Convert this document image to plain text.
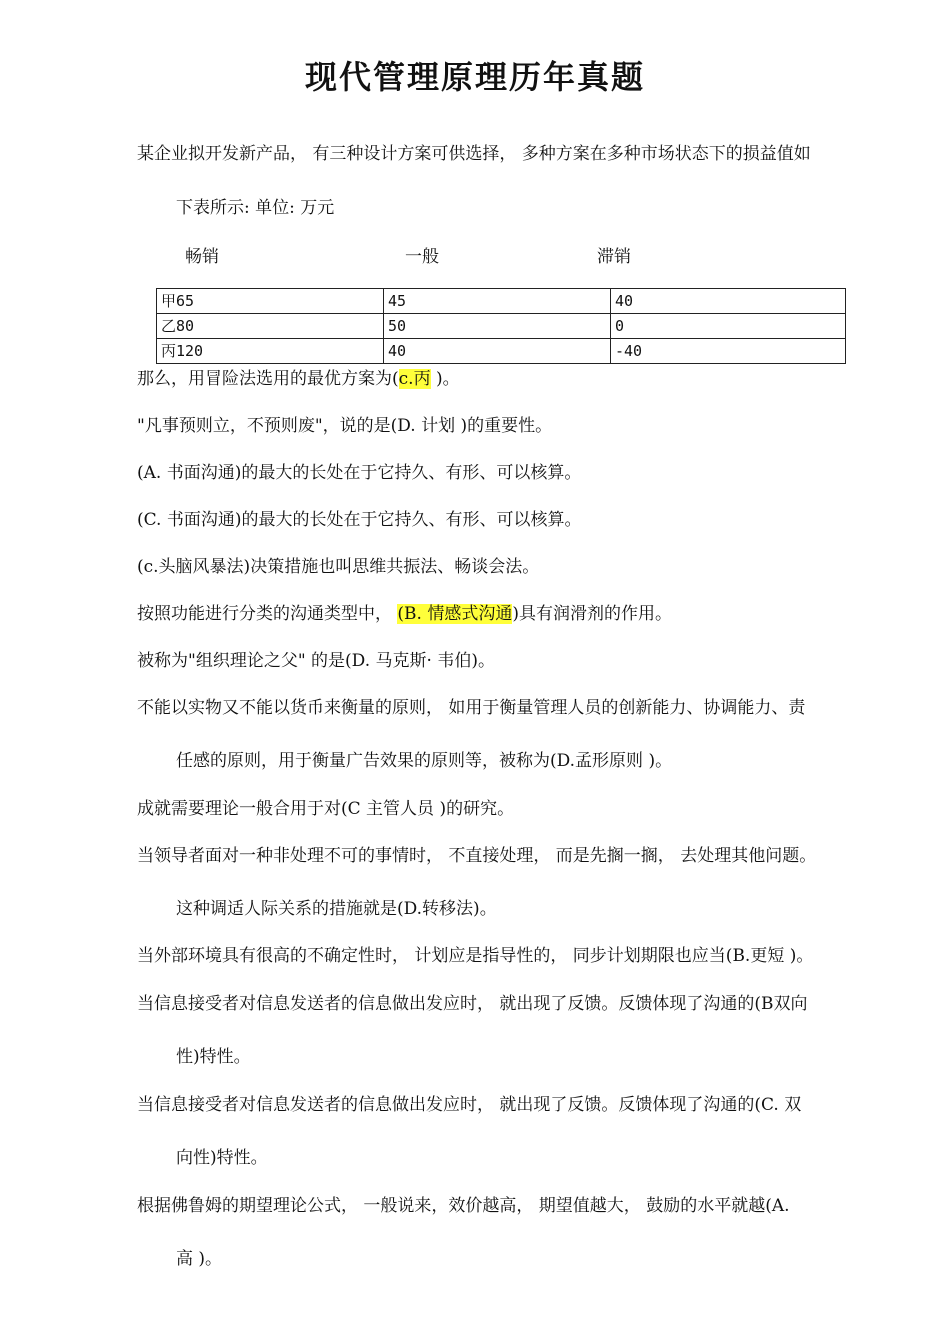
现代管理原理历年真题
某企业拟开发新产品， 有三种设计方案可供选择， 多种方案在多种市场状态下的损益值如
下表所示: 单位: 万元
畅销	一般	滞销
甲65	45	40
乙80	50	0
丙120	40	-40
那么，用冒险法选用的最优方案为(c.丙 )。
"凡事预则立，不预则废"，说的是(D. 计划 )的重要性。
(A. 书面沟通)的最大的长处在于它持久、有形、可以核算。
(C. 书面沟通)的最大的长处在于它持久、有形、可以核算。
(c.头脑风暴法)决策措施也叫思维共振法、畅谈会法。
按照功能进行分类的沟通类型中， (B. 情感式沟通)具有润滑剂的作用。
被称为"组织理论之父" 的是(D. 马克斯· 韦伯)。
不能以实物又不能以货币来衡量的原则， 如用于衡量管理人员的创新能力、协调能力、责
任感的原则，用于衡量广告效果的原则等，被称为(D.孟形原则 )。
成就需要理论一般合用于对(C 主管人员 )的研究。
当领导者面对一种非处理不可的事情时， 不直接处理， 而是先搁一搁， 去处理其他问题。
这种调适人际关系的措施就是(D.转移法)。
当外部环境具有很高的不确定性时， 计划应是指导性的， 同步计划期限也应当(B.更短 )。
当信息接受者对信息发送者的信息做出发应时， 就出现了反馈。反馈体现了沟通的(B双向
性)特性。
当信息接受者对信息发送者的信息做出发应时， 就出现了反馈。反馈体现了沟通的(C. 双
向性)特性。
根据佛鲁姆的期望理论公式， 一般说来，效价越高， 期望值越大， 鼓励的水平就越(A.
高 )。
